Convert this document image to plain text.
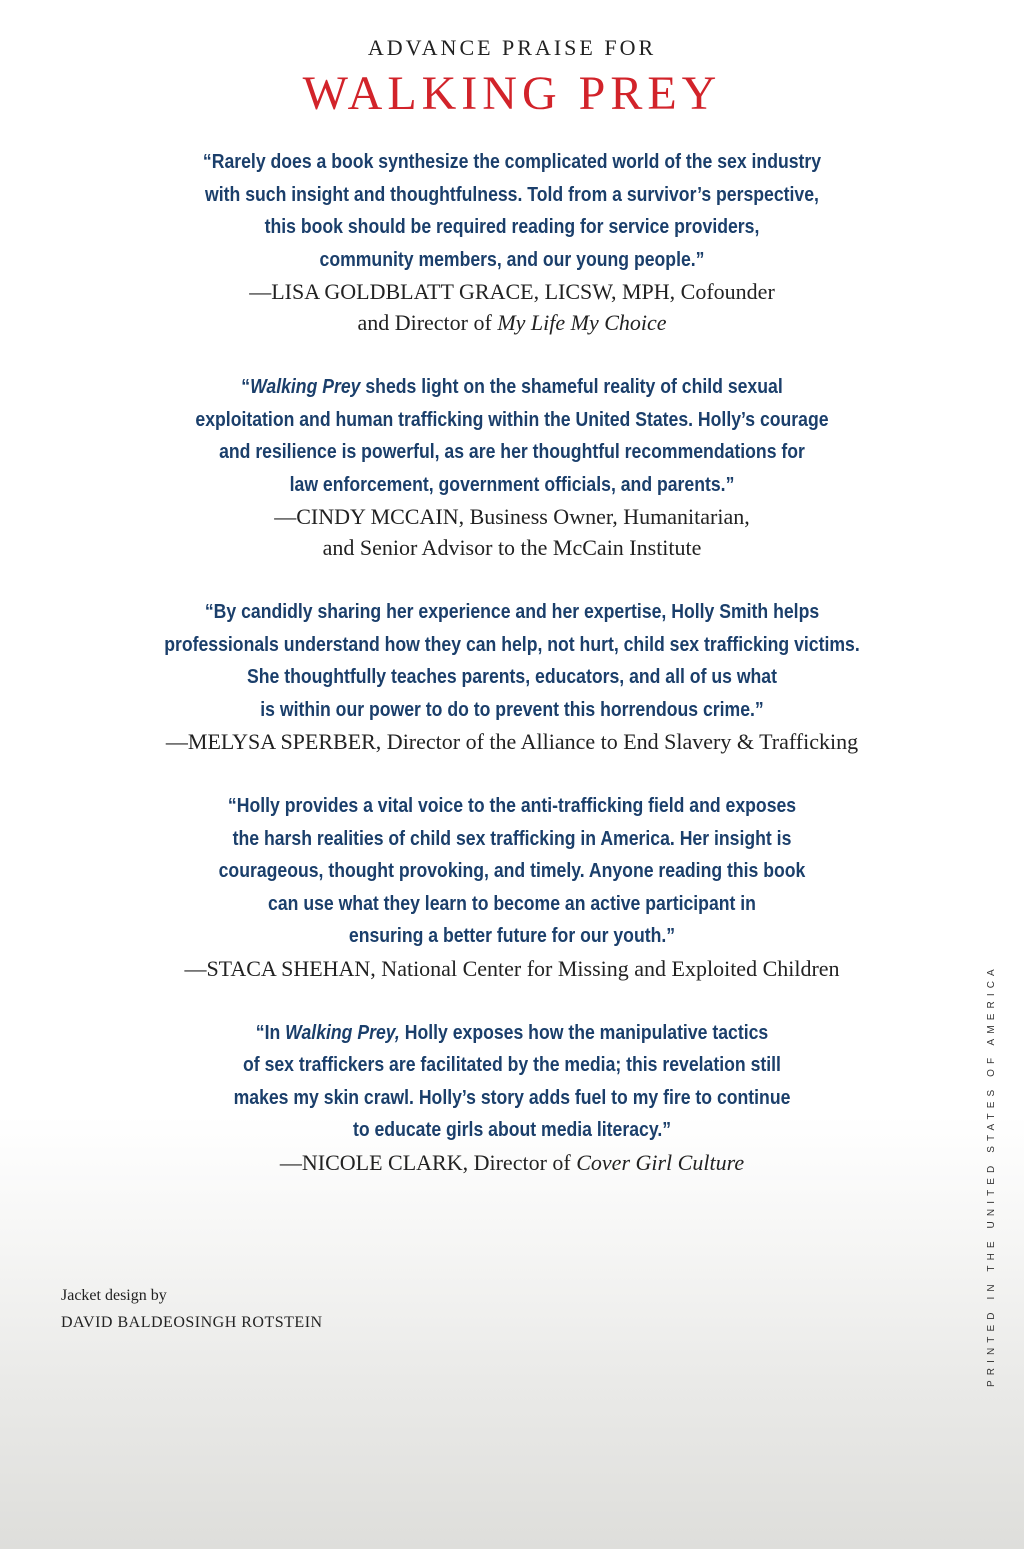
ADVANCE PRAISE FOR

WALKING PREY
“Rarely does a book synthesize the complicated world of the sex industry
with such insight and thoughtfulness. Told from a survivor’s perspective,
this book should be required reading for service providers,
community members, and our young people.”
—LISA GOLDBLATT GRACE, LICSW, MPH, Cofounder
and Director of My Life My Choice
“Walking Prey sheds light on the shameful reality of child sexual
exploitation and human trafficking within the United States. Holly’s courage
and resilience is powerful, as are her thoughtful recommendations for
law enforcement, government officials, and parents.”
—CINDY MCCAIN, Business Owner, Humanitarian,
and Senior Advisor to the McCain Institute
“By candidly sharing her experience and her expertise, Holly Smith helps
professionals understand how they can help, not hurt, child sex trafficking victims.
She thoughtfully teaches parents, educators, and all of us what
is within our power to do to prevent this horrendous crime.”
—MELYSA SPERBER, Director of the Alliance to End Slavery & Trafficking
“Holly provides a vital voice to the anti-trafficking field and exposes
the harsh realities of child sex trafficking in America. Her insight is
courageous, thought provoking, and timely. Anyone reading this book
can use what they learn to become an active participant in
ensuring a better future for our youth.”
—STACA SHEHAN, National Center for Missing and Exploited Children
“In Walking Prey, Holly exposes how the manipulative tactics
of sex traffickers are facilitated by the media; this revelation still
makes my skin crawl. Holly’s story adds fuel to my fire to continue
to educate girls about media literacy.”
—NICOLE CLARK, Director of Cover Girl Culture
Jacket design by
DAVID BALDEOSINGH ROTSTEIN	PRINTED IN THE UNITED STATES OF AMERICA
